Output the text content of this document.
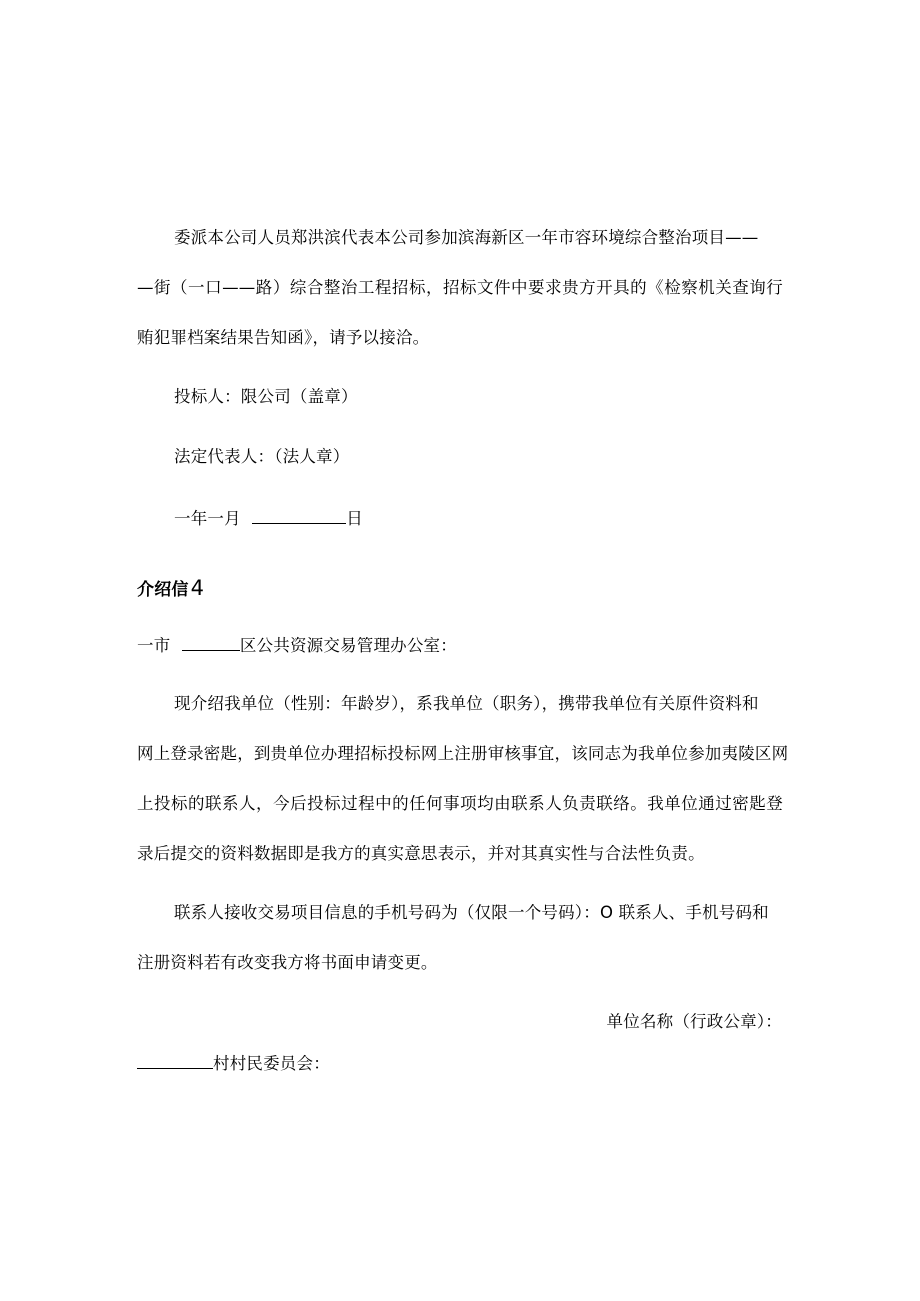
委派本公司人员郑洪滨代表本公司参加滨海新区一年市容环境综合整治项目——
—街（一口——路）综合整治工程招标，招标文件中要求贵方开具的《检察机关查询行
贿犯罪档案结果告知函》，请予以接洽。
投标人：限公司（盖章）
法定代表人：（法人章）
一年一月	日
介绍信4
一市	区公共资源交易管理办公室：
现介绍我单位（性别：年龄岁），系我单位（职务），携带我单位有关原件资料和
网上登录密匙，到贵单位办理招标投标网上注册审核事宜，该同志为我单位参加夷陵区网
上投标的联系人，今后投标过程中的任何事项均由联系人负责联络。我单位通过密匙登
录后提交的资料数据即是我方的真实意思表示，并对其真实性与合法性负责。
联系人接收交易项目信息的手机号码为（仅限一个号码）：O 联系人、手机号码和
注册资料若有改变我方将书面申请变更。
单位名称（行政公章）：
村村民委员会：
